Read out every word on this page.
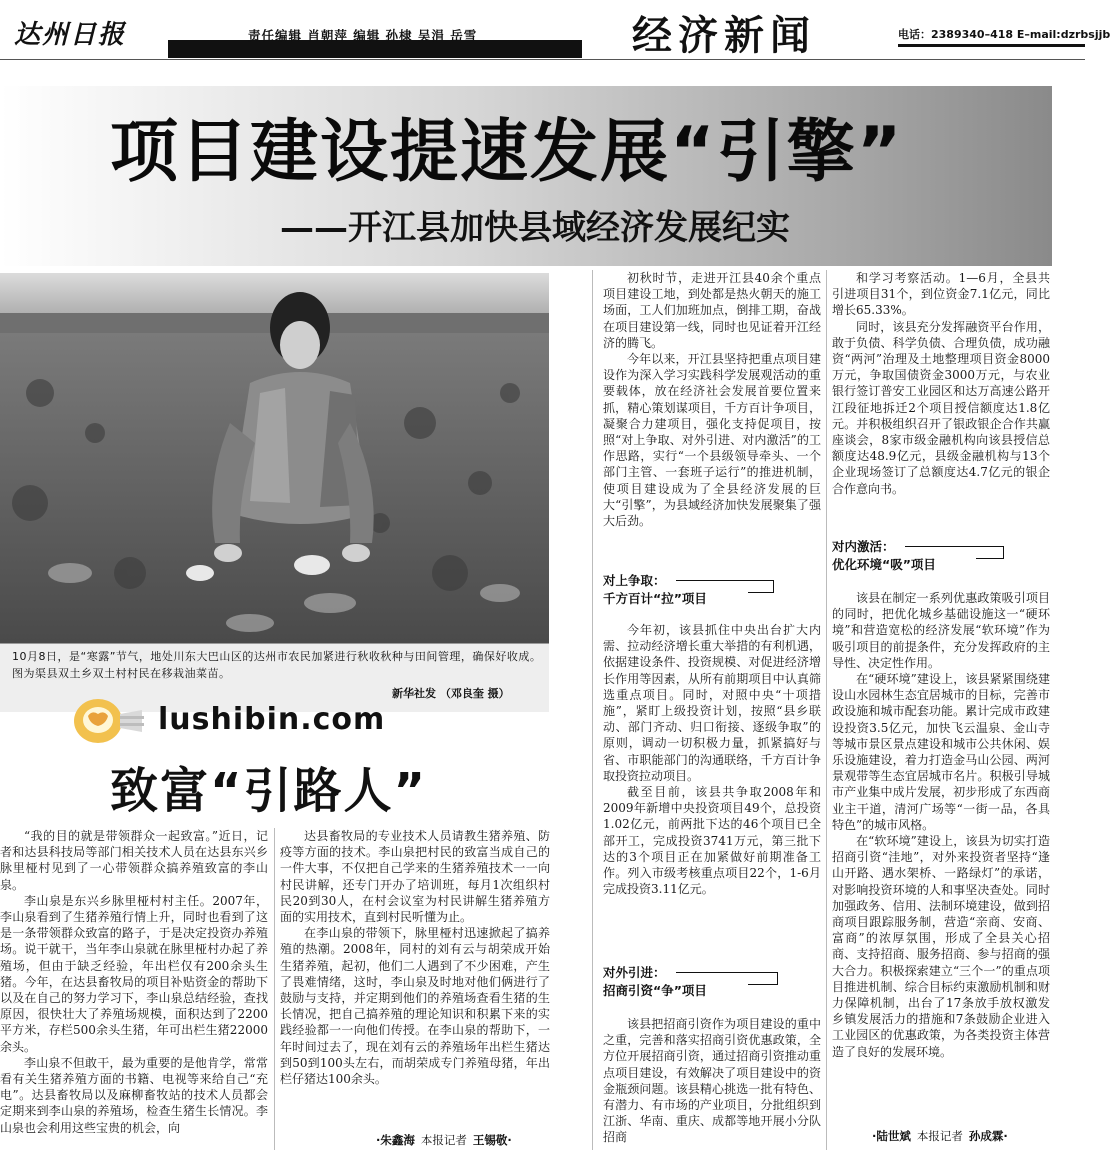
达州日报	责任编辑 肖朝萍 编辑 孙棣 吴涓 岳雪	经济新闻	电话：2389340–418 E–mail:dzrbsjjb
项目建设提速发展“引擎”
——开江县加快县域经济发展纪实
10月8日，是“寒露”节气，地处川东大巴山区的达州市农民加紧进行秋收秋种与田间管理，确保好收成。图为渠县双土乡双土村村民在移栽油菜苗。
新华社发 （邓良奎 摄）
lushibin.com
致富“引路人”

“我的目的就是带领群众一起致富。”近日，记者和达县科技局等部门相关技术人员在达县东兴乡脉里桠村见到了一心带领群众搞养殖致富的李山泉。

李山泉是东兴乡脉里桠村村主任。2007年，李山泉看到了生猪养殖行情上升，同时也看到了这是一条带领群众致富的路子，于是决定投资办养殖场。说干就干，当年李山泉就在脉里桠村办起了养殖场，但由于缺乏经验，年出栏仅有200余头生猪。今年，在达县畜牧局的项目补贴资金的帮助下以及在自己的努力学习下，李山泉总结经验，查找原因，很快壮大了养殖场规模，面积达到了2200平方米，存栏500余头生猪，年可出栏生猪22000余头。

李山泉不但敢干，最为重要的是他肯学，常常看有关生猪养殖方面的书籍、电视等来给自己“充电”。达县畜牧局以及麻柳畜牧站的技术人员都会定期来到李山泉的养殖场，检查生猪生长情况。李山泉也会利用这些宝贵的机会，向

达县畜牧局的专业技术人员请教生猪养殖、防疫等方面的技术。李山泉把村民的致富当成自己的一件大事，不仅把自己学来的生猪养殖技术一一向村民讲解，还专门开办了培训班，每月1次组织村民20到30人，在村会议室为村民讲解生猪养殖方面的实用技术，直到村民听懂为止。

在李山泉的带领下，脉里桠村迅速掀起了搞养殖的热潮。2008年，同村的刘有云与胡荣成开始生猪养殖，起初，他们二人遇到了不少困难，产生了畏难情绪，这时，李山泉及时地对他们俩进行了鼓励与支持，并定期到他们的养殖场查看生猪的生长情况，把自己搞养殖的理论知识和积累下来的实践经验都一一向他们传授。在李山泉的帮助下，一年时间过去了，现在刘有云的养殖场年出栏生猪达到50到100头左右，而胡荣成专门养殖母猪，年出栏仔猪达100余头。

·朱鑫海 本报记者 王锡敬·

初秋时节，走进开江县40余个重点项目建设工地，到处都是热火朝天的施工场面，工人们加班加点，倒排工期，奋战在项目建设第一线，同时也见证着开江经济的腾飞。

今年以来，开江县坚持把重点项目建设作为深入学习实践科学发展观活动的重要载体，放在经济社会发展首要位置来抓，精心策划谋项目，千方百计争项目，凝聚合力建项目，强化支持促项目，按照“对上争取、对外引进、对内激活”的工作思路，实行“一个县级领导牵头、一个部门主管、一套班子运行”的推进机制，使项目建设成为了全县经济发展的巨大“引擎”，为县域经济加快发展聚集了强大后劲。

对上争取：
千方百计“拉”项目

今年初，该县抓住中央出台扩大内需、拉动经济增长重大举措的有利机遇，依据建设条件、投资规模、对促进经济增长作用等因素，从所有前期项目中认真筛选重点项目。同时，对照中央“十项措施”，紧盯上级投资计划，按照“县乡联动、部门齐动、归口衔接、逐级争取”的原则，调动一切积极力量，抓紧搞好与省、市职能部门的沟通联络，千方百计争取投资拉动项目。

截至目前，该县共争取2008年和2009年新增中央投资项目49个，总投资1.02亿元，前两批下达的46个项目已全部开工，完成投资3741万元，第三批下达的3个项目正在加紧做好前期准备工作。列入市级考核重点项目22个，1-6月完成投资3.11亿元。

对外引进：
招商引资“争”项目

该县把招商引资作为项目建设的重中之重，完善和落实招商引资优惠政策，全方位开展招商引资，通过招商引资推动重点项目建设，有效解决了项目建设中的资金瓶颈问题。该县精心挑选一批有特色、有潜力、有市场的产业项目，分批组织到江浙、华南、重庆、成都等地开展小分队招商

和学习考察活动。1—6月，全县共引进项目31个，到位资金7.1亿元，同比增长65.33%。

同时，该县充分发挥融资平台作用，敢于负债、科学负债、合理负债，成功融资“两河”治理及土地整理项目资金8000万元，争取国债资金3000万元，与农业银行签订普安工业园区和达万高速公路开江段征地拆迁2个项目授信额度达1.8亿元。并积极组织召开了银政银企合作共赢座谈会，8家市级金融机构向该县授信总额度达48.9亿元，县级金融机构与13个企业现场签订了总额度达4.7亿元的银企合作意向书。

对内激活：
优化环境“吸”项目

该县在制定一系列优惠政策吸引项目的同时，把优化城乡基础设施这一“硬环境”和营造宽松的经济发展“软环境”作为吸引项目的前提条件，充分发挥政府的主导性、决定性作用。

在“硬环境”建设上，该县紧紧围绕建设山水园林生态宜居城市的目标，完善市政设施和城市配套功能。累计完成市政建设投资3.5亿元，加快飞云温泉、金山寺等城市景区景点建设和城市公共休闲、娱乐设施建设，着力打造金马山公园、两河景观带等生态宜居城市名片。积极引导城市产业集中成片发展，初步形成了东西商业主干道，清河广场等“一街一品，各具特色”的城市风格。

在“软环境”建设上，该县为切实打造招商引资“洼地”，对外来投资者坚持“逢山开路、遇水架桥、一路绿灯”的承诺，对影响投资环境的人和事坚决查处。同时加强政务、信用、法制环境建设，做到招商项目跟踪服务制，营造“亲商、安商、富商”的浓厚氛围，形成了全县关心招商、支持招商、服务招商、参与招商的强大合力。积极探索建立“三个一”的重点项目推进机制、综合目标约束激励机制和财力保障机制，出台了17条放手放权激发乡镇发展活力的措施和7条鼓励企业进入工业园区的优惠政策，为各类投资主体营造了良好的发展环境。

·陆世斌 本报记者 孙成霖·
